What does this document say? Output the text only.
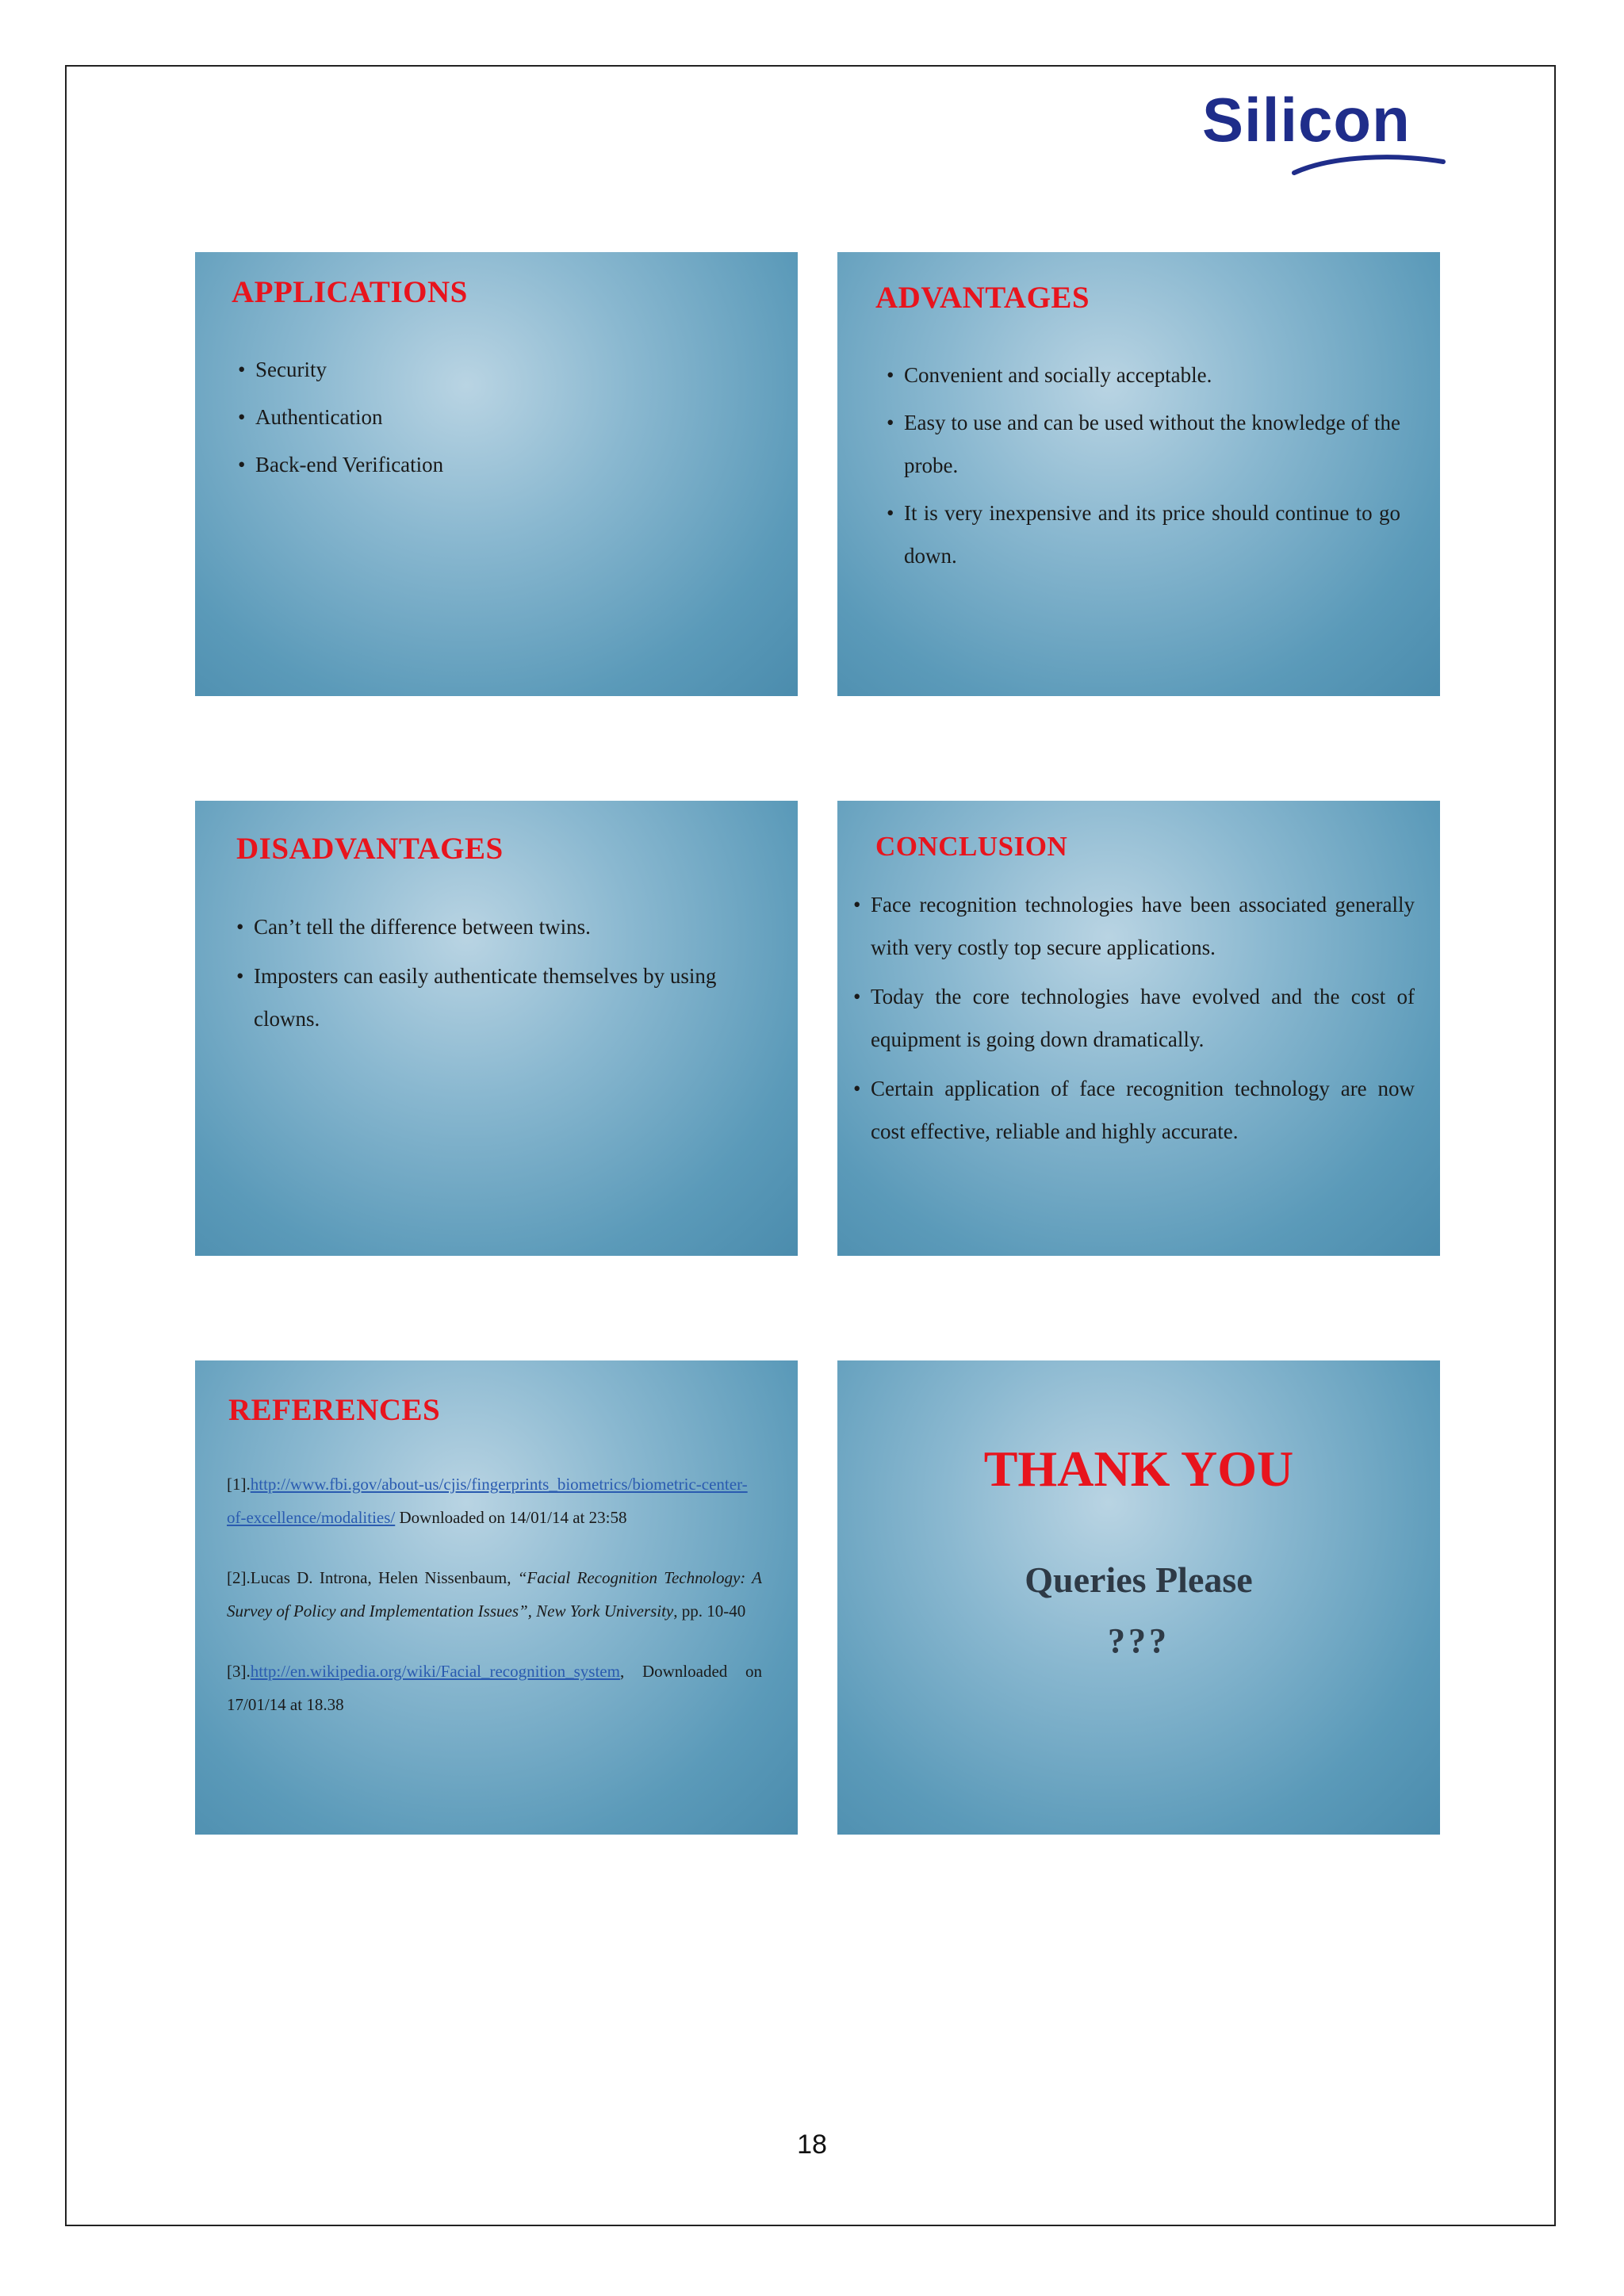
Silicon
APPLICATIONS
• Security
• Authentication
• Back-end Verification
ADVANTAGES
• Convenient and socially acceptable.
• Easy to use and can be used without the knowledge of the probe.
• It is very inexpensive and its price should continue to go down.
DISADVANTAGES
• Can’t tell the difference between twins.
• Imposters can easily authenticate themselves by using clowns.
CONCLUSION
• Face recognition technologies have been associated generally with very costly top secure applications.
• Today the core technologies have evolved and the cost of equipment is going down dramatically.
• Certain application of face recognition technology are now cost effective, reliable and highly accurate.
REFERENCES

[1].http://www.fbi.gov/about-us/cjis/fingerprints_biometrics/biometric-center-of-excellence/modalities/ Downloaded on 14/01/14 at 23:58

[2].Lucas D. Introna, Helen Nissenbaum, “Facial Recognition Technology: A Survey of Policy and Implementation Issues”, New York University, pp. 10-40

[3].http://en.wikipedia.org/wiki/Facial_recognition_system, Downloaded on 17/01/14 at 18.38

THANK YOU
Queries Please
???
18
